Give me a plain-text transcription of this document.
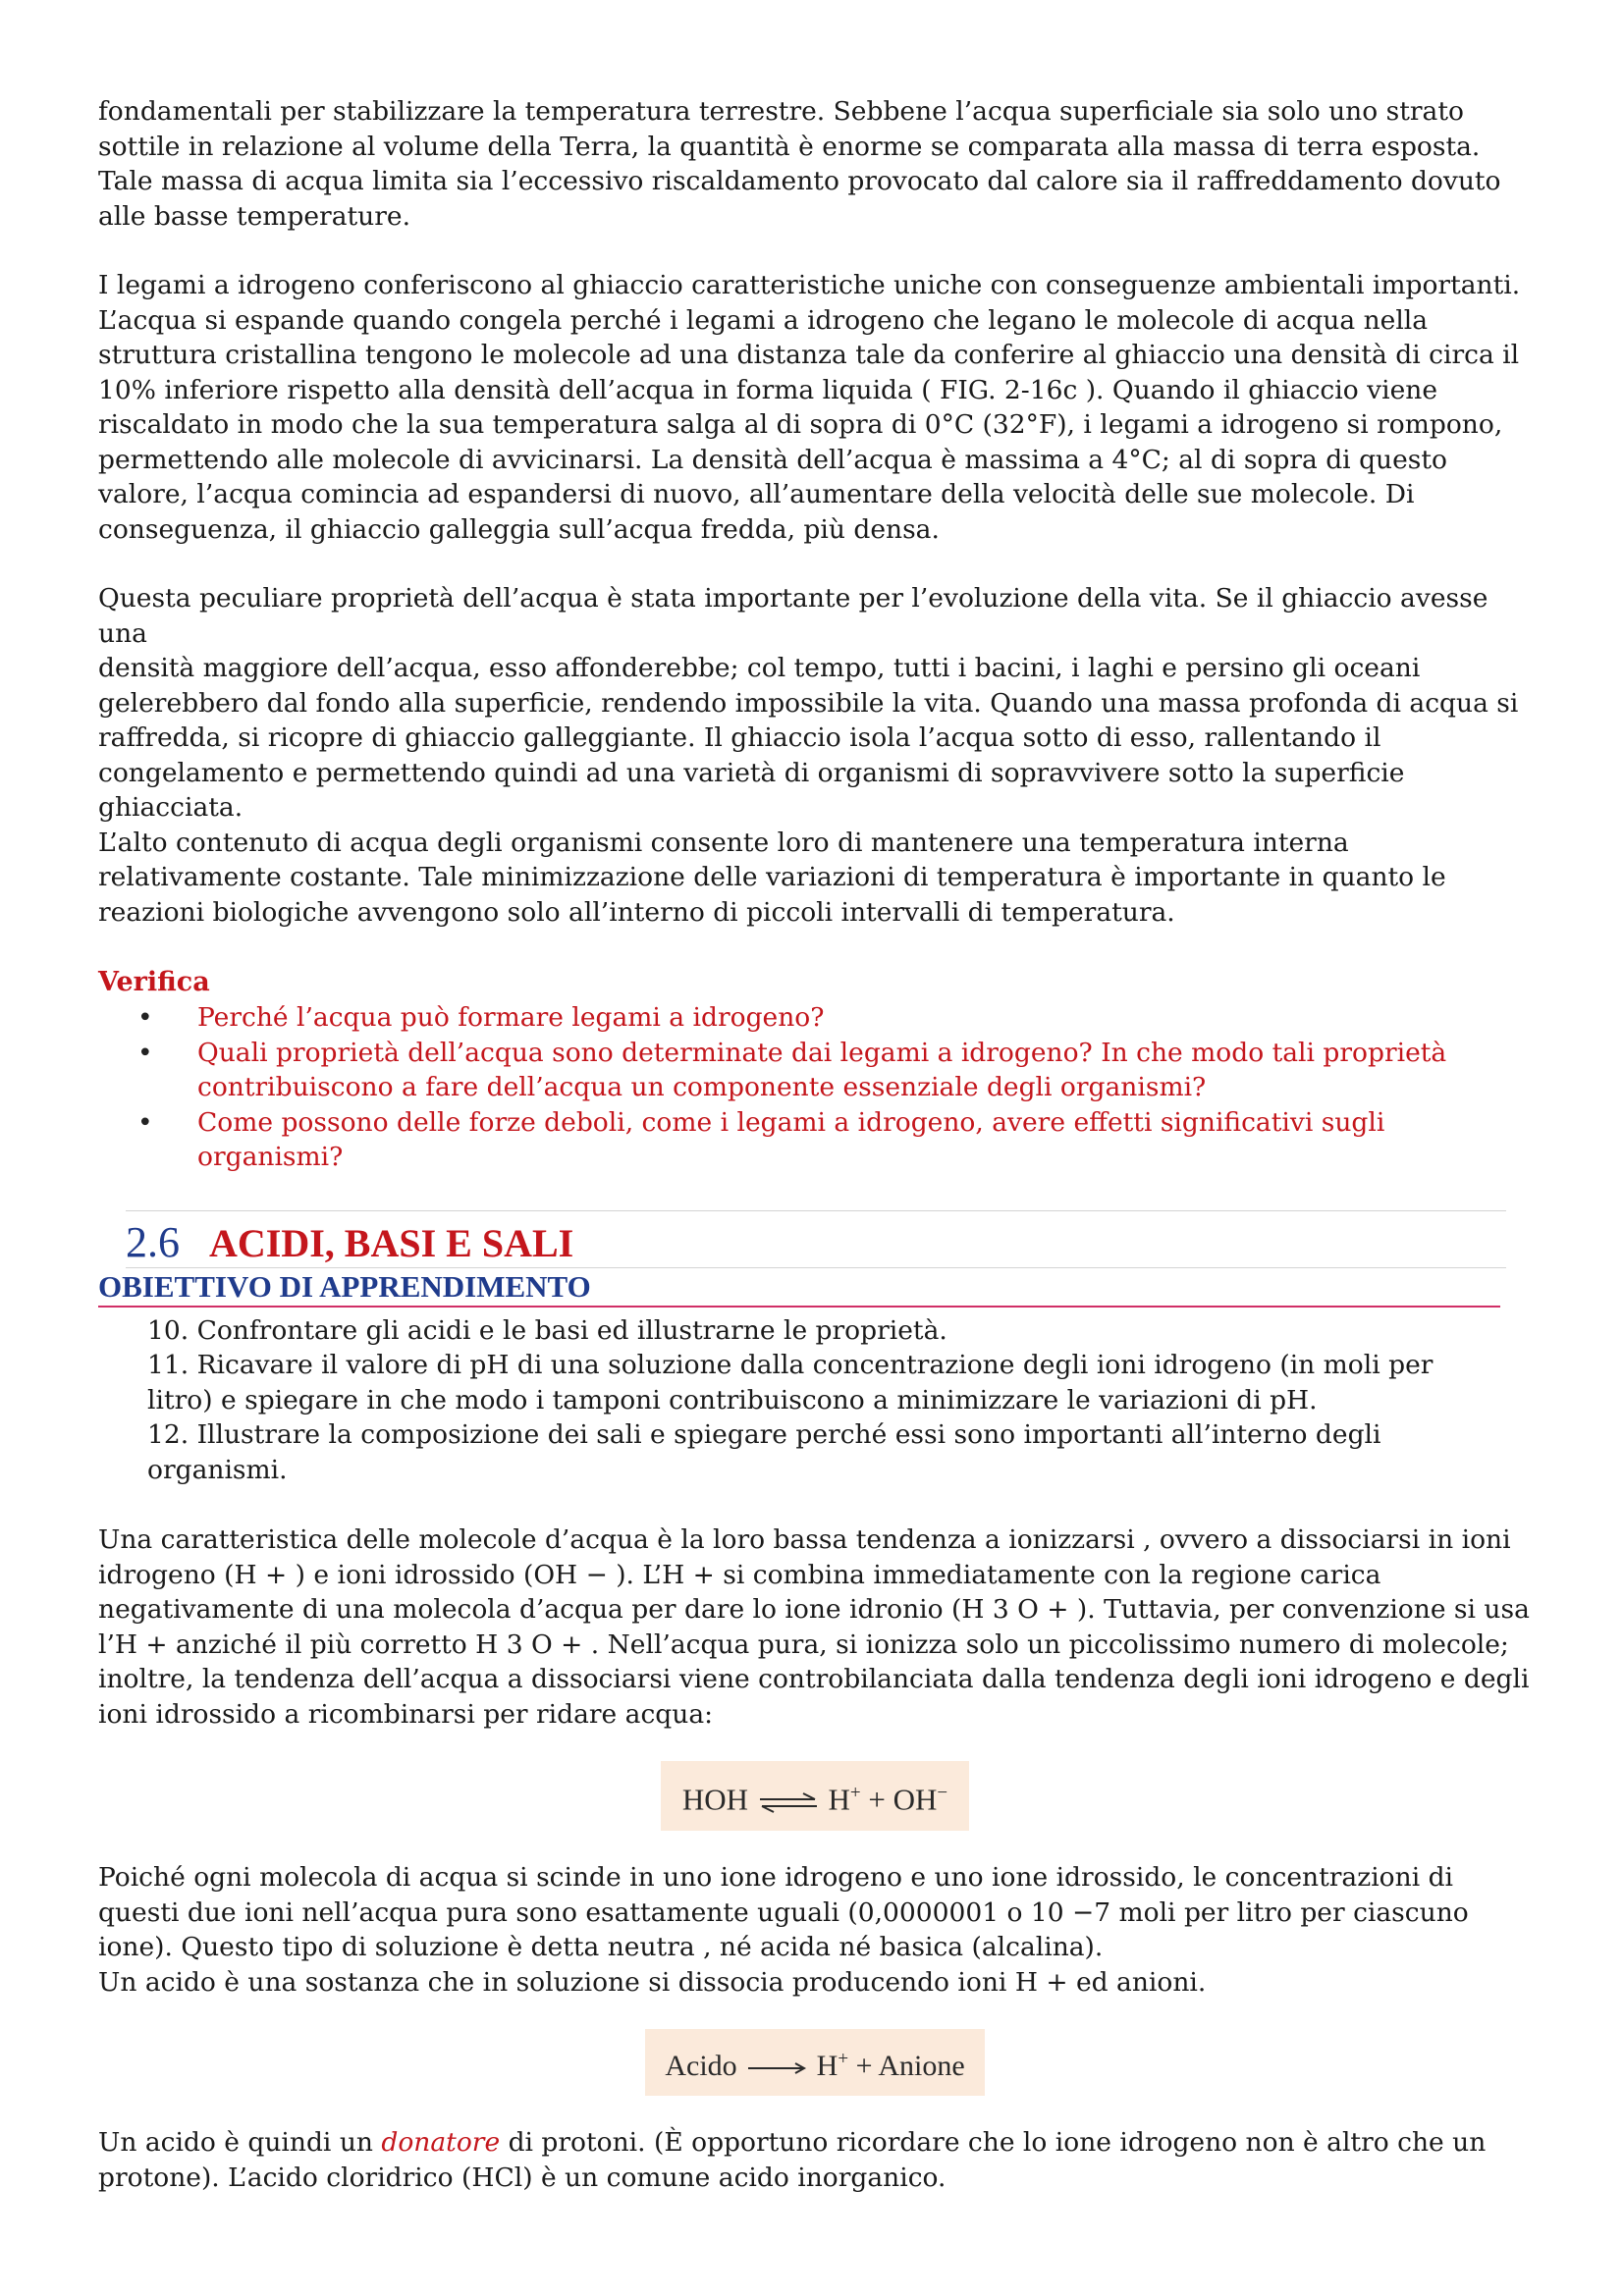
fondamentali per stabilizzare la temperatura terrestre. Sebbene l’acqua superficiale sia solo uno strato

sottile in relazione al volume della Terra, la quantità è enorme se comparata alla massa di terra esposta.

Tale massa di acqua limita sia l’eccessivo riscaldamento provocato dal calore sia il raffreddamento dovuto

alle basse temperature.

I legami a idrogeno conferiscono al ghiaccio caratteristiche uniche con conseguenze ambientali importanti.

L’acqua si espande quando congela perché i legami a idrogeno che legano le molecole di acqua nella

struttura cristallina tengono le molecole ad una distanza tale da conferire al ghiaccio una densità di circa il

10% inferiore rispetto alla densità dell’acqua in forma liquida ( FIG. 2-16c ). Quando il ghiaccio viene

riscaldato in modo che la sua temperatura salga al di sopra di 0°C (32°F), i legami a idrogeno si rompono,

permettendo alle molecole di avvicinarsi. La densità dell’acqua è massima a 4°C; al di sopra di questo

valore, l’acqua comincia ad espandersi di nuovo, all’aumentare della velocità delle sue molecole. Di

conseguenza, il ghiaccio galleggia sull’acqua fredda, più densa.

Questa peculiare proprietà dell’acqua è stata importante per l’evoluzione della vita. Se il ghiaccio avesse una

densità maggiore dell’acqua, esso affonderebbe; col tempo, tutti i bacini, i laghi e persino gli oceani

gelerebbero dal fondo alla superficie, rendendo impossibile la vita. Quando una massa profonda di acqua si

raffredda, si ricopre di ghiaccio galleggiante. Il ghiaccio isola l’acqua sotto di esso, rallentando il

congelamento e permettendo quindi ad una varietà di organismi di sopravvivere sotto la superficie

ghiacciata.

L’alto contenuto di acqua degli organismi consente loro di mantenere una temperatura interna

relativamente costante. Tale minimizzazione delle variazioni di temperatura è importante in quanto le

reazioni biologiche avvengono solo all’interno di piccoli intervalli di temperatura.

Verifica

• Perché l’acqua può formare legami a idrogeno?
• Quali proprietà dell’acqua sono determinate dai legami a idrogeno? In che modo tali proprietà
contribuiscono a fare dell’acqua un componente essenziale degli organismi?
• Come possono delle forze deboli, come i legami a idrogeno, avere effetti significativi sugli
organismi?
2.6 ACIDI, BASI E SALI

OBIETTIVO DI APPRENDIMENTO

10. Confrontare gli acidi e le basi ed illustrarne le proprietà.

11. Ricavare il valore di pH di una soluzione dalla concentrazione degli ioni idrogeno (in moli per

litro) e spiegare in che modo i tamponi contribuiscono a minimizzare le variazioni di pH.

12. Illustrare la composizione dei sali e spiegare perché essi sono importanti all’interno degli

organismi.

Una caratteristica delle molecole d’acqua è la loro bassa tendenza a ionizzarsi , ovvero a dissociarsi in ioni

idrogeno (H + ) e ioni idrossido (OH − ). L’H + si combina immediatamente con la regione carica

negativamente di una molecola d’acqua per dare lo ione idronio (H 3 O + ). Tuttavia, per convenzione si usa

l’H + anziché il più corretto H 3 O + . Nell’acqua pura, si ionizza solo un piccolissimo numero di molecole;

inoltre, la tendenza dell’acqua a dissociarsi viene controbilanciata dalla tendenza degli ioni idrogeno e degli

ioni idrossido a ricombinarsi per ridare acqua:

HOH ⇌ H+ + OH−

Poiché ogni molecola di acqua si scinde in uno ione idrogeno e uno ione idrossido, le concentrazioni di

questi due ioni nell’acqua pura sono esattamente uguali (0,0000001 o 10 −7 moli per litro per ciascuno

ione). Questo tipo di soluzione è detta neutra , né acida né basica (alcalina).

Un acido è una sostanza che in soluzione si dissocia producendo ioni H + ed anioni.

Acido	H+ + Anione

Un acido è quindi un donatore di protoni. (È opportuno ricordare che lo ione idrogeno non è altro che un

protone). L’acido cloridrico (HCl) è un comune acido inorganico.
